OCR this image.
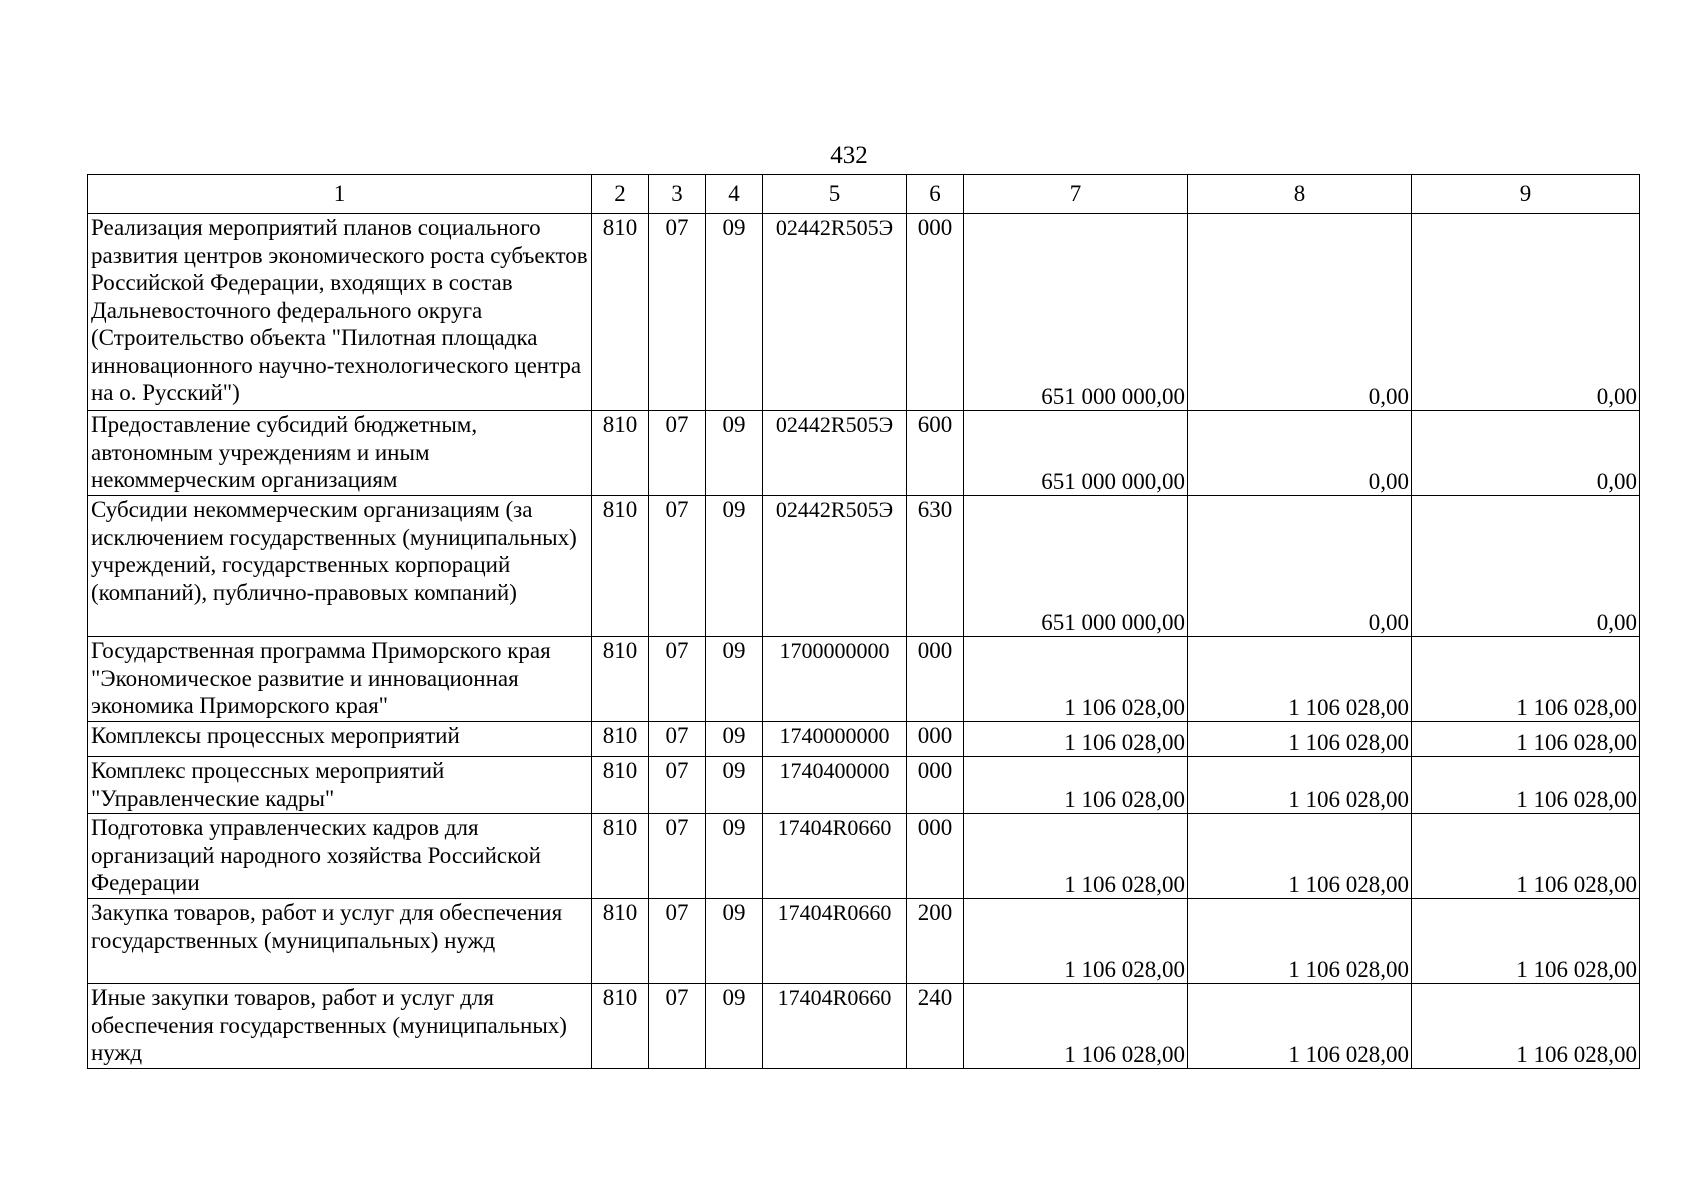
432
1	2	3	4	5	6	7	8	9
Реализация мероприятий планов социального развития центров экономического роста субъектов Российской Федерации, входящих в состав Дальневосточного федерального округа (Строительство объекта "Пилотная площадка инновационного научно-технологического центра на о. Русский")	810	07	09	02442R505Э	000	651 000 000,00	0,00	0,00
Предоставление субсидий бюджетным, автономным учреждениям и иным некоммерческим организациям	810	07	09	02442R505Э	600	651 000 000,00	0,00	0,00
Субсидии некоммерческим организациям (за исключением государственных (муниципальных) учреждений, государственных корпораций (компаний), публично-правовых компаний)	810	07	09	02442R505Э	630	651 000 000,00	0,00	0,00
Государственная программа Приморского края "Экономическое развитие и инновационная экономика Приморского края"	810	07	09	1700000000	000	1 106 028,00	1 106 028,00	1 106 028,00
Комплексы процессных мероприятий	810	07	09	1740000000	000	1 106 028,00	1 106 028,00	1 106 028,00
Комплекс процессных мероприятий "Управленческие кадры"	810	07	09	1740400000	000	1 106 028,00	1 106 028,00	1 106 028,00
Подготовка управленческих кадров для организаций народного хозяйства Российской Федерации	810	07	09	17404R0660	000	1 106 028,00	1 106 028,00	1 106 028,00
Закупка товаров, работ и услуг для обеспечения государственных (муниципальных) нужд	810	07	09	17404R0660	200	1 106 028,00	1 106 028,00	1 106 028,00
Иные закупки товаров, работ и услуг для обеспечения государственных (муниципальных) нужд	810	07	09	17404R0660	240	1 106 028,00	1 106 028,00	1 106 028,00
